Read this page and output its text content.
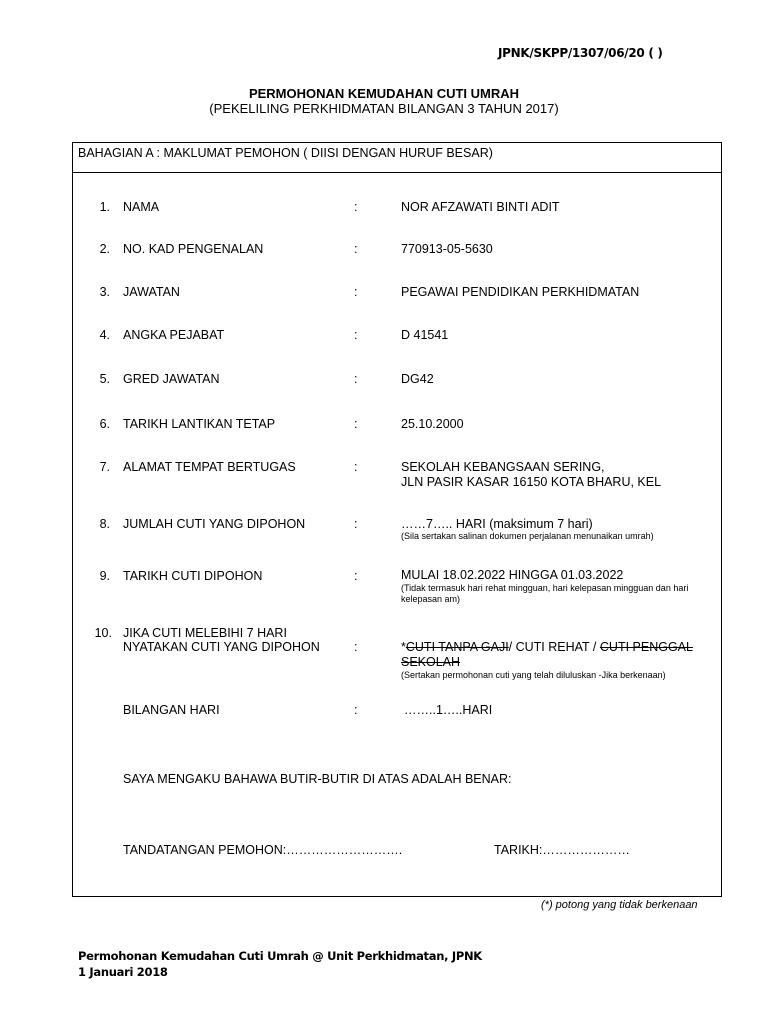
JPNK/SKPP/1307/06/20 ( )
PERMOHONAN KEMUDAHAN CUTI UMRAH
(PEKELILING PERKHIDMATAN BILANGAN 3 TAHUN 2017)
BAHAGIAN A : MAKLUMAT PEMOHON ( DIISI DENGAN HURUF BESAR)
1. NAMA	:	NOR AFZAWATI BINTI ADIT
2. NO. KAD PENGENALAN	:	770913-05-5630
3. JAWATAN	:	PEGAWAI PENDIDIKAN PERKHIDMATAN
4. ANGKA PEJABAT	:	D 41541
5. GRED JAWATAN	:	DG42
6. TARIKH LANTIKAN TETAP	:	25.10.2000
7. ALAMAT TEMPAT BERTUGAS	:	SEKOLAH KEBANGSAAN SERING,
JLN PASIR KASAR 16150 KOTA BHARU, KEL
8. JUMLAH CUTI YANG DIPOHON	:	……7….. HARI (maksimum 7 hari)
(Sila sertakan salinan dokumen perjalanan menunaikan umrah)
9. TARIKH CUTI DIPOHON	:	MULAI 18.02.2022 HINGGA 01.03.2022
(Tidak termasuk hari rehat mingguan, hari kelepasan mingguan dan hari kelepasan am)
10. JIKA CUTI MELEBIHI 7 HARI
NYATAKAN CUTI YANG DIPOHON	:	*CUTI TANPA GAJI/ CUTI REHAT / CUTI PENGGAL
SEKOLAH
(Sertakan permohonan cuti yang telah diluluskan -Jika berkenaan)
BILANGAN HARI	:	……..1…..HARI
SAYA MENGAKU BAHAWA BUTIR-BUTIR DI ATAS ADALAH BENAR:
TANDATANGAN PEMOHON:……………………….	TARIKH:…………………
(*) potong yang tidak berkenaan
Permohonan Kemudahan Cuti Umrah @ Unit Perkhidmatan, JPNK
1 Januari 2018
